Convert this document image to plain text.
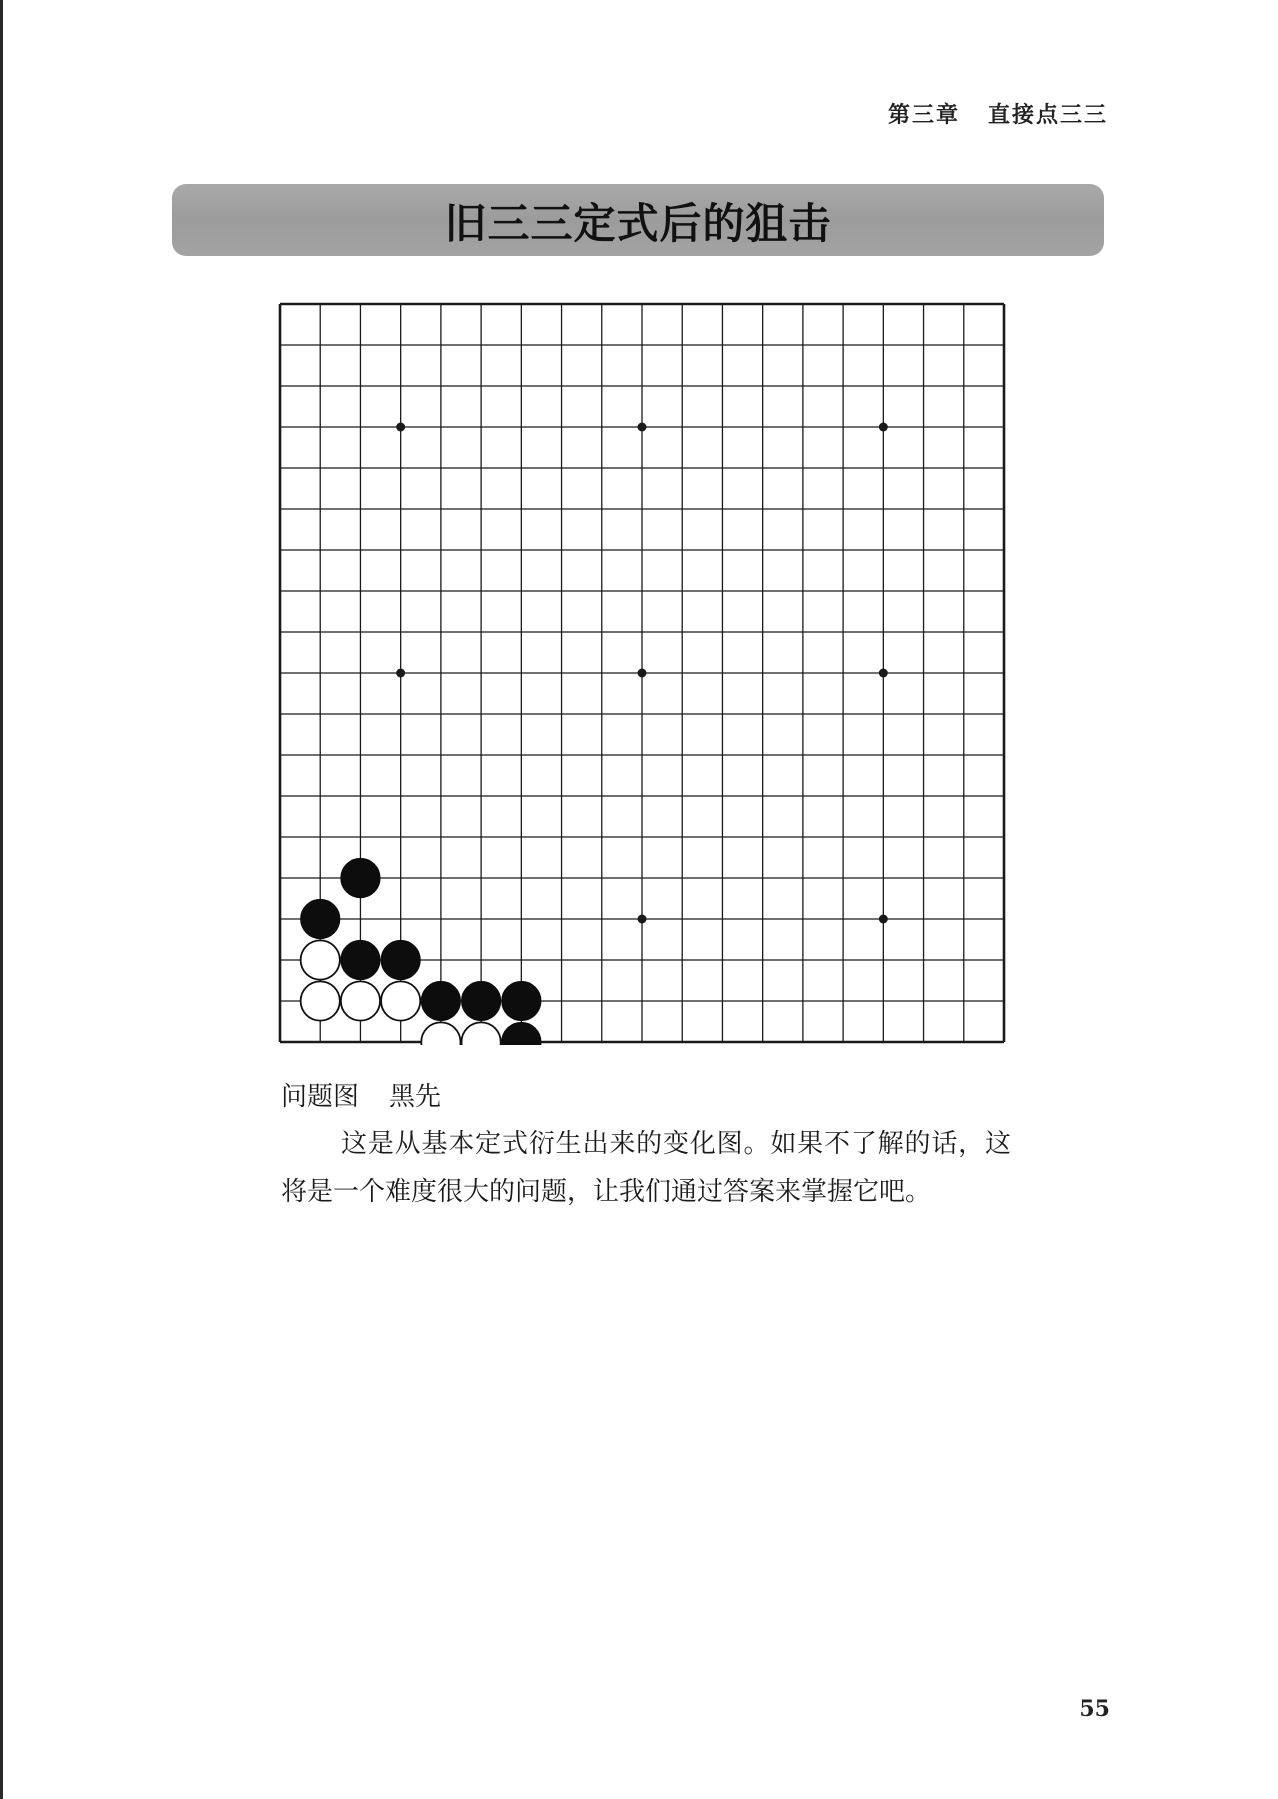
第三章 直接点三三
旧三三定式后的狙击
问题图 黑先

这是从基本定式衍生出来的变化图。如果不了解的话，这将是一个难度很大的问题，让我们通过答案来掌握它吧。

55
